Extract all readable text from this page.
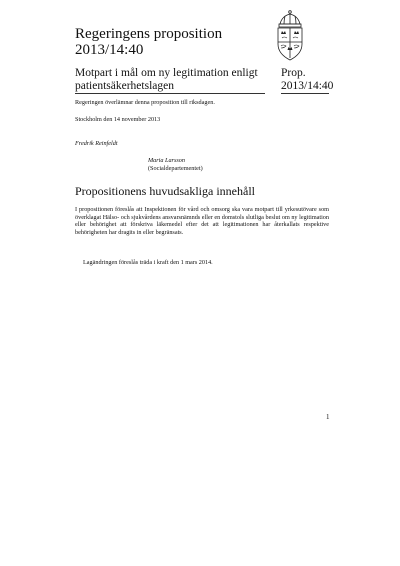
Regeringens proposition
2013/14:40
Motpart i mål om ny legitimation enligt patientsäkerhetslagen
Prop.
2013/14:40
Regeringen överlämnar denna proposition till riksdagen.
Stockholm den 14 november 2013
Fredrik Reinfeldt
Maria Larsson
(Socialdepartementet)
Propositionens huvudsakliga innehåll

I propositionen föreslås att Inspektionen för vård och omsorg ska vara motpart till yrkesutövare som överklagat Hälso- och sjukvårdens ansvarsnämnds eller en domstols slutliga beslut om ny legitimation eller behörighet att förskriva läkemedel efter det att legitimationen har återkallats respektive behörigheten har dragits in eller begränsats.

Lagändringen föreslås träda i kraft den 1 mars 2014.

1
